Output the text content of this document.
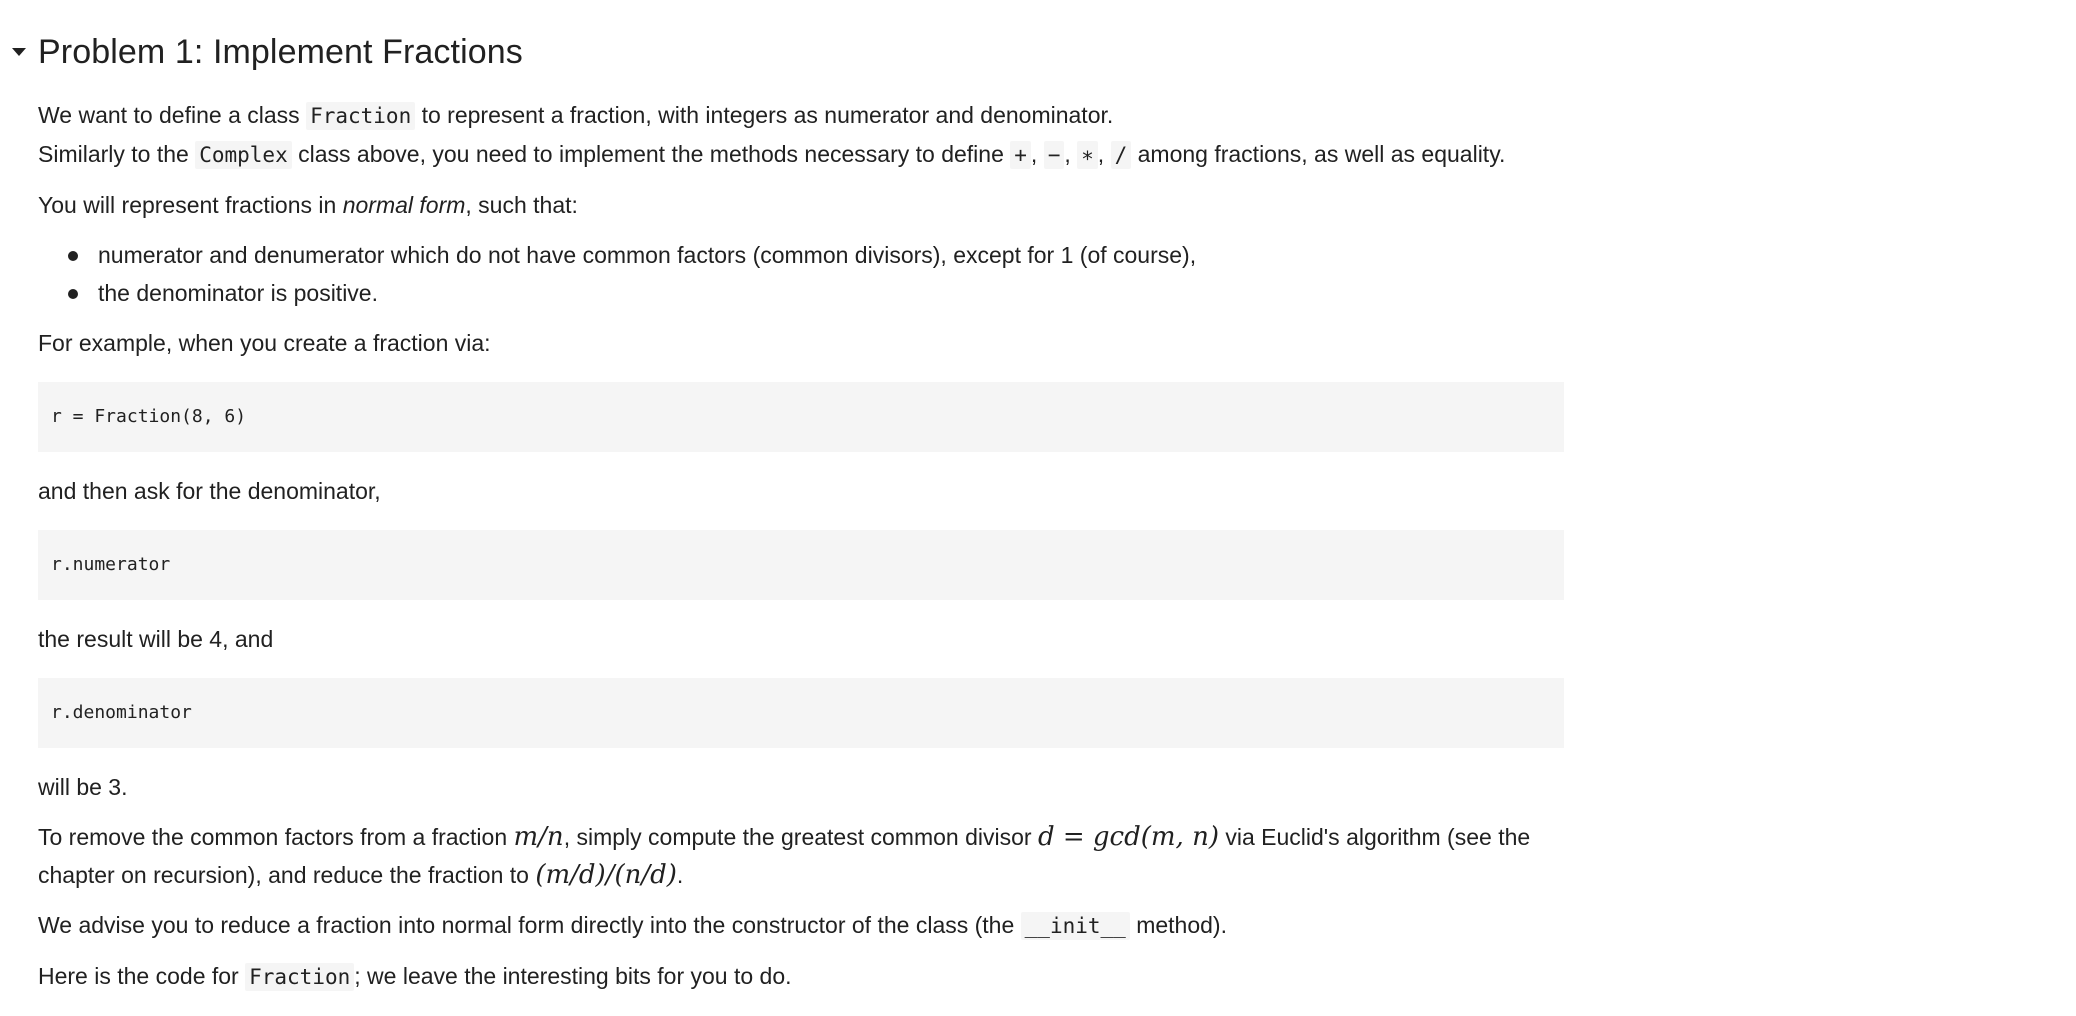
Problem 1: Implement Fractions

We want to define a class Fraction to represent a fraction, with integers as numerator and denominator.

Similarly to the Complex class above, you need to implement the methods necessary to define + , − , ∗ , / among fractions, as well as equality.

You will represent fractions in normal form, such that:

numerator and denumerator which do not have common factors (common divisors), except for 1 (of course),
the denominator is positive.

For example, when you create a fraction via:

r = Fraction(8, 6)

and then ask for the denominator,

r.numerator

the result will be 4, and

r.denominator

will be 3.

To remove the common factors from a fraction m/n, simply compute the greatest common divisor d = gcd(m, n) via Euclid's algorithm (see the chapter on recursion), and reduce the fraction to (m/d)/(n/d).

We advise you to reduce a fraction into normal form directly into the constructor of the class (the __init__ method).

Here is the code for Fraction ; we leave the interesting bits for you to do.
